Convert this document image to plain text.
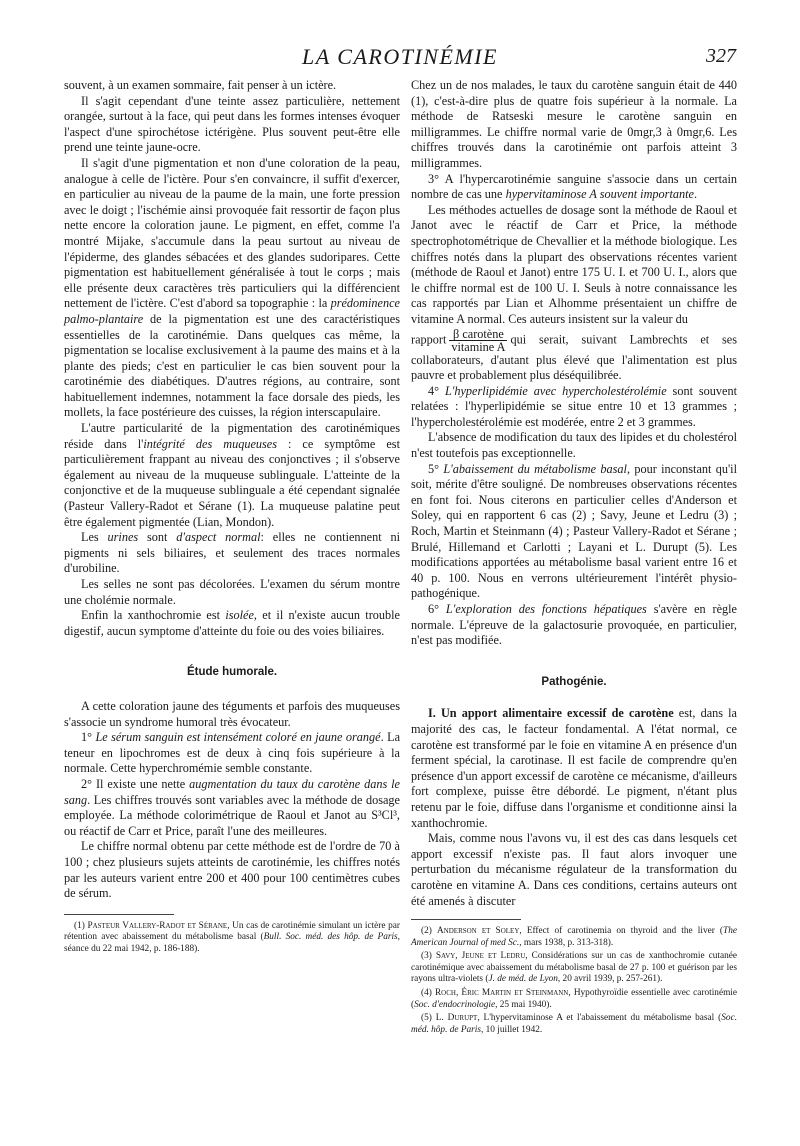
LA CAROTINÉMIE	327

souvent, à un examen sommaire, fait penser à un ictère.

Il s'agit cependant d'une teinte assez particulière, nettement orangée, surtout à la face, qui peut dans les formes intenses évoquer l'aspect d'une spirochétose ictérigène. Plus souvent peut-être elle prend une teinte jaune-ocre.

Il s'agit d'une pigmentation et non d'une coloration de la peau, analogue à celle de l'ictère. Pour s'en convaincre, il suffit d'exercer, en particulier au niveau de la paume de la main, une forte pression avec le doigt ; l'ischémie ainsi provoquée fait ressortir de façon plus nette encore la coloration jaune. Le pigment, en effet, comme l'a montré Mijake, s'accumule dans la peau surtout au niveau de l'épiderme, des glandes sébacées et des glandes sudoripares. Cette pigmentation est habituellement généralisée à tout le corps ; mais elle présente deux caractères très particuliers qui la différencient nettement de l'ictère. C'est d'abord sa topographie : la prédominence palmo-plantaire de la pigmentation est une des caractéristiques essentielles de la carotinémie. Dans quelques cas même, la pigmentation se localise exclusivement à la paume des mains et à la plante des pieds; c'est en particulier le cas bien souvent pour la carotinémie des diabétiques. D'autres régions, au contraire, sont habituellement indemnes, notamment la face dorsale des pieds, les mollets, la face postérieure des cuisses, la région interscapulaire.

L'autre particularité de la pigmentation des carotinémiques réside dans l'intégrité des muqueuses : ce symptôme est particulièrement frappant au niveau des conjonctives ; il s'observe également au niveau de la muqueuse sublinguale. L'atteinte de la conjonctive et de la muqueuse sublinguale a été cependant signalée (Pasteur Vallery-Radot et Sérane (1). La muqueuse palatine peut être également pigmentée (Lian, Mondon).

Les urines sont d'aspect normal: elles ne contiennent ni pigments ni sels biliaires, et seulement des traces normales d'urobiline.

Les selles ne sont pas décolorées. L'examen du sérum montre une cholémie normale.

Enfin la xanthochromie est isolée, et il n'existe aucun trouble digestif, aucun symptome d'atteinte du foie ou des voies biliaires.

Étude humorale.

A cette coloration jaune des téguments et parfois des muqueuses s'associe un syndrome humoral très évocateur.

1° Le sérum sanguin est intensément coloré en jaune orangé. La teneur en lipochromes est de deux à cinq fois supérieure à la normale. Cette hyperchromémie semble constante.

2° Il existe une nette augmentation du taux du carotène dans le sang. Les chiffres trouvés sont variables avec la méthode de dosage employée. La méthode colorimétrique de Raoul et Janot au S³Cl³, ou réactif de Carr et Price, paraît l'une des meilleures.

Le chiffre normal obtenu par cette méthode est de l'ordre de 70 à 100 ; chez plusieurs sujets atteints de carotinémie, les chiffres notés par les auteurs varient entre 200 et 400 pour 100 centimètres cubes de sérum.

(1) Pasteur Vallery-Radot et Sérane, Un cas de carotinémie simulant un ictère par rétention avec abaissement du métabolisme basal (Bull. Soc. méd. des hôp. de Paris, séance du 22 mai 1942, p. 186-188).

Chez un de nos malades, le taux du carotène sanguin était de 440 (1), c'est-à-dire plus de quatre fois supérieur à la normale. La méthode de Ratseski mesure le carotène sanguin en milligrammes. Le chiffre normal varie de 0mgr,3 à 0mgr,6. Les chiffres trouvés dans la carotinémie ont parfois atteint 3 milligrammes.

3° A l'hypercarotinémie sanguine s'associe dans un certain nombre de cas une hypervitaminose A souvent importante.

Les méthodes actuelles de dosage sont la méthode de Raoul et Janot avec le réactif de Carr et Price, la méthode spectrophotométrique de Chevallier et la méthode biologique. Les chiffres notés dans la plupart des observations récentes varient (méthode de Raoul et Janot) entre 175 U. I. et 700 U. I., alors que le chiffre normal est de 100 U. I. Seuls à notre connaissance les cas rapportés par Lian et Alhomme présentaient un chiffre de vitamine A normal. Ces auteurs insistent sur la valeur du

rapport $\frac{\text{β carotène}}{\text{vitamine A}}$ qui serait, suivant Lambrechts et ses collaborateurs, d'autant plus élevé que l'alimentation est plus pauvre et probablement plus déséquilibrée.

4° L'hyperlipidémie avec hypercholestérolémie sont souvent relatées : l'hyperlipidémie se situe entre 10 et 13 grammes ; l'hypercholestérolémie est modérée, entre 2 et 3 grammes.

L'absence de modification du taux des lipides et du cholestérol n'est toutefois pas exceptionnelle.

5° L'abaissement du métabolisme basal, pour inconstant qu'il soit, mérite d'être souligné. De nombreuses observations récentes en font foi. Nous citerons en particulier celles d'Anderson et Soley, qui en rapportent 6 cas (2) ; Savy, Jeune et Ledru (3) ; Roch, Martin et Steinmann (4) ; Pasteur Vallery-Radot et Sérane ; Brulé, Hillemand et Carlotti ; Layani et L. Durupt (5). Les modifications apportées au métabolisme basal varient entre 16 et 40 p. 100. Nous en verrons ultérieurement l'intérêt physio-pathogénique.

6° L'exploration des fonctions hépatiques s'avère en règle normale. L'épreuve de la galactosurie provoquée, en particulier, n'est pas modifiée.

Pathogénie.

I. Un apport alimentaire excessif de carotène est, dans la majorité des cas, le facteur fondamental. A l'état normal, ce carotène est transformé par le foie en vitamine A en présence d'un ferment spécial, la carotinase. Il est facile de comprendre qu'en présence d'un apport excessif de carotène ce mécanisme, d'ailleurs fort complexe, puisse être débordé. Le pigment, n'étant plus retenu par le foie, diffuse dans l'organisme et conditionne ainsi la xanthochromie.

Mais, comme nous l'avons vu, il est des cas dans lesquels cet apport excessif n'existe pas. Il faut alors invoquer une perturbation du mécanisme régulateur de la transformation du carotène en vitamine A. Dans ces conditions, certains auteurs ont été amenés à discuter

(2) Anderson et Soley, Effect of carotinemia on thyroid and the liver (The American Journal of med Sc., mars 1938, p. 313-318).

(3) Savy, Jeune et Ledru, Considérations sur un cas de xanthochromie cutanée carotinémique avec abaissement du métabolisme basal de 27 p. 100 et guérison par les rayons ultra-violets (J. de méd. de Lyon, 20 avril 1939, p. 257-261).

(4) Roch, Éric Martin et Steinmann, Hypothyroïdie essentielle avec carotinémie (Soc. d'endocrinologie, 25 mai 1940).

(5) L. Durupt, L'hypervitaminose A et l'abaissement du métabolisme basal (Soc. méd. hôp. de Paris, 10 juillet 1942.
